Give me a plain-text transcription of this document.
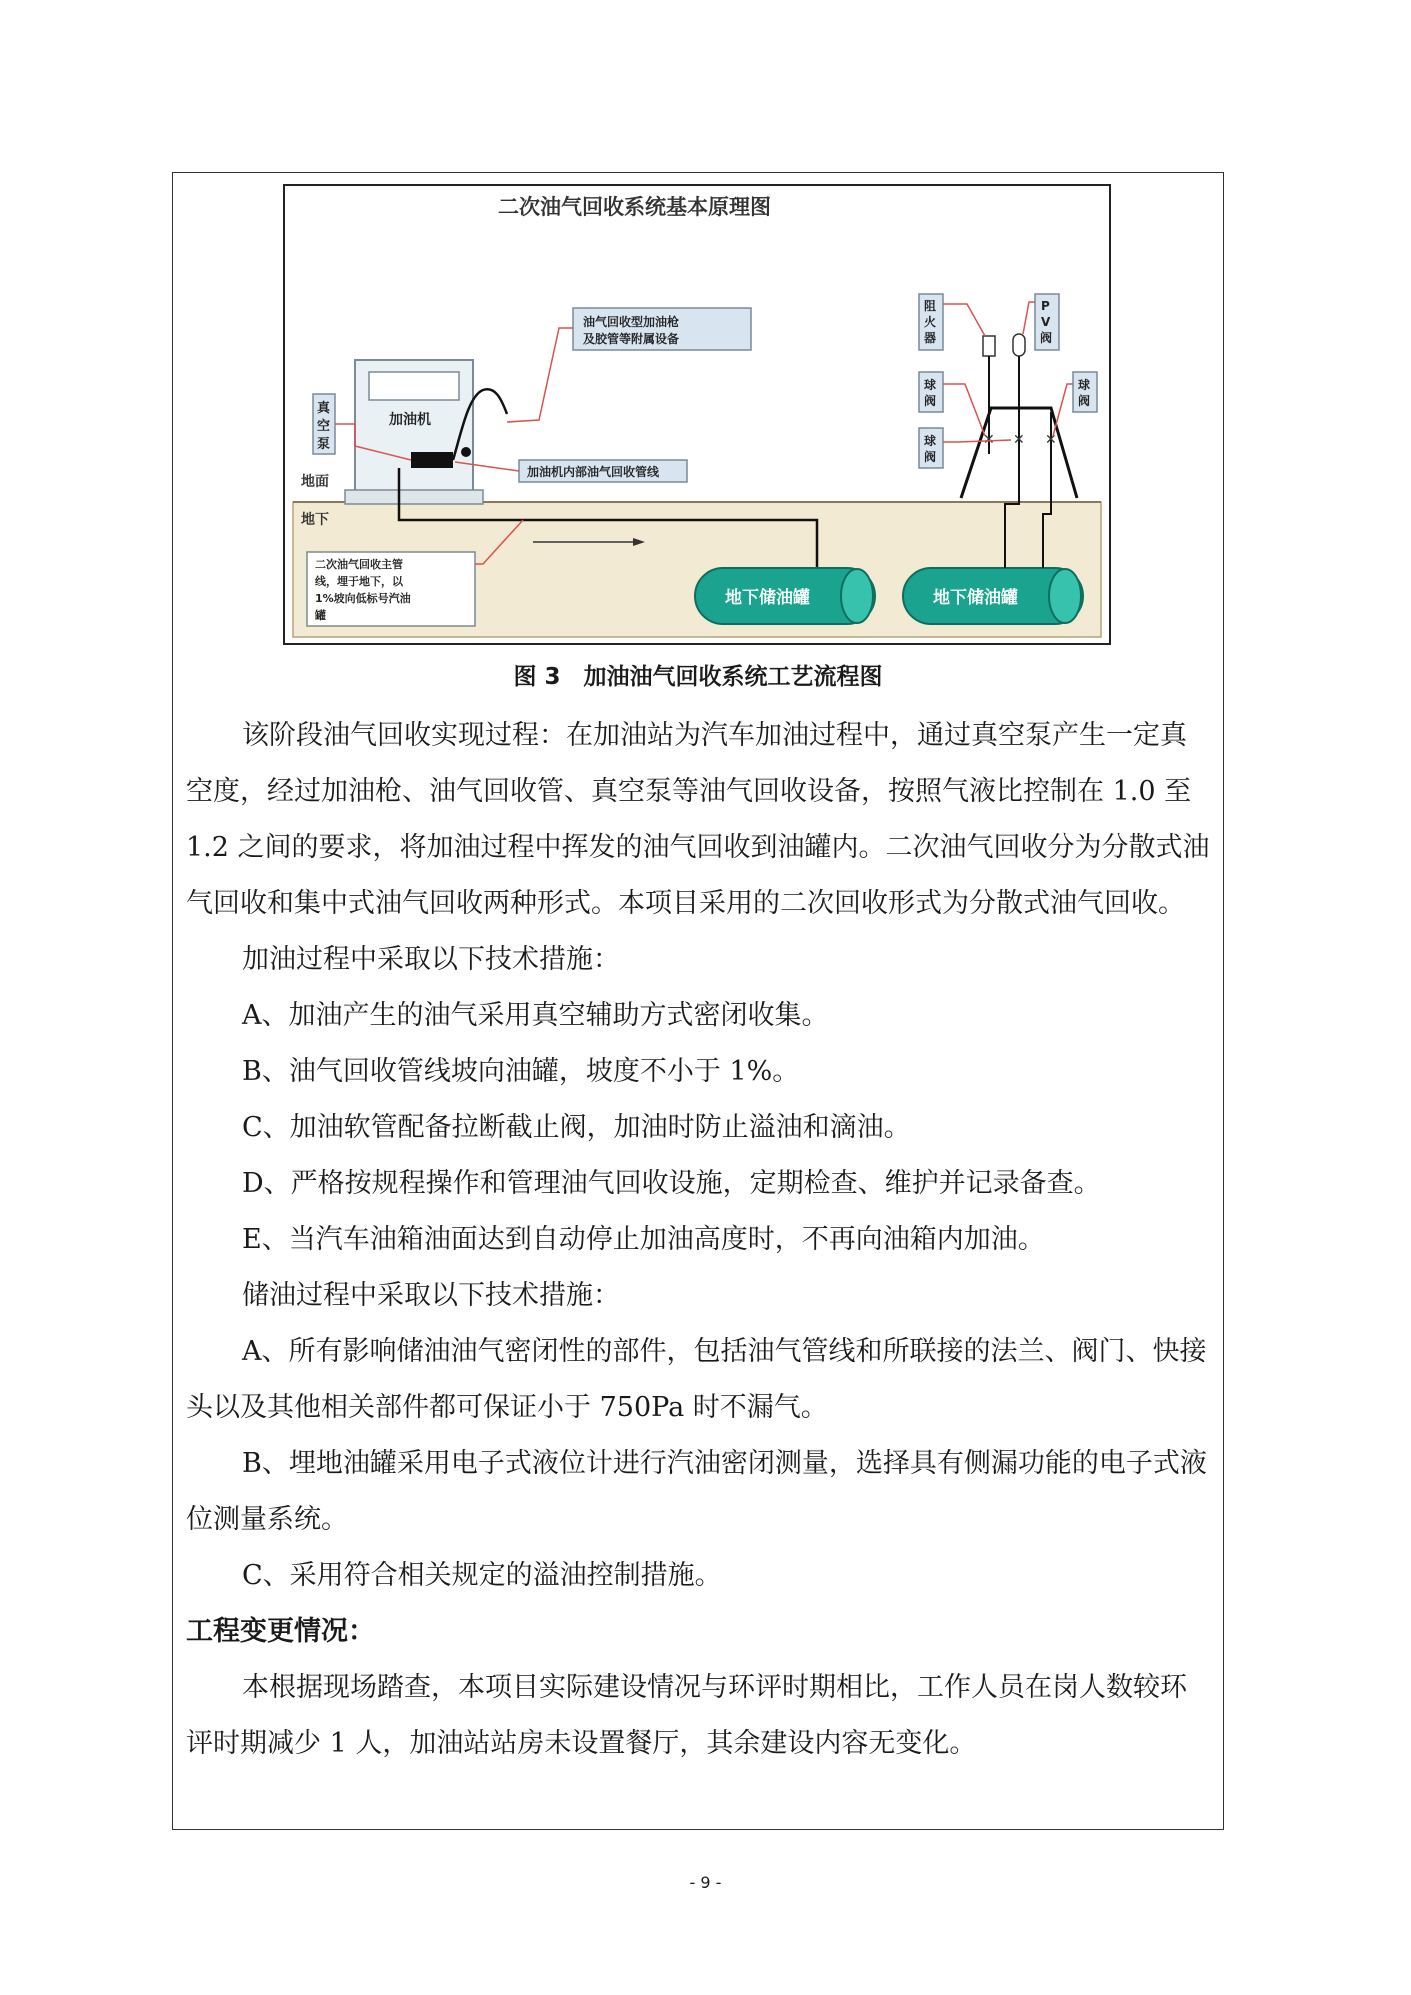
二次油气回收系统基本原理图
地面
地下
加油机
真
空
泵
油气回收型加油枪
及胶管等附属设备
加油机内部油气回收管线
二次油气回收主管
线，埋于地下，以
1%坡向低标号汽油
罐
地下储油罐	地下储油罐
✕ ✕ ✕
阻
火
器
P
V
阀
球
阀
球
阀
球
阀
图 3　加油油气回收系统工艺流程图

该阶段油气回收实现过程：在加油站为汽车加油过程中，通过真空泵产生一定真空度，经过加油枪、油气回收管、真空泵等油气回收设备，按照气液比控制在 1.0 至 1.2 之间的要求，将加油过程中挥发的油气回收到油罐内。二次油气回收分为分散式油气回收和集中式油气回收两种形式。本项目采用的二次回收形式为分散式油气回收。

加油过程中采取以下技术措施：

A、加油产生的油气采用真空辅助方式密闭收集。

B、油气回收管线坡向油罐，坡度不小于 1%。

C、加油软管配备拉断截止阀，加油时防止溢油和滴油。

D、严格按规程操作和管理油气回收设施，定期检查、维护并记录备查。

E、当汽车油箱油面达到自动停止加油高度时，不再向油箱内加油。

储油过程中采取以下技术措施：

A、所有影响储油油气密闭性的部件，包括油气管线和所联接的法兰、阀门、快接头以及其他相关部件都可保证小于 750Pa 时不漏气。

B、埋地油罐采用电子式液位计进行汽油密闭测量，选择具有侧漏功能的电子式液位测量系统。

C、采用符合相关规定的溢油控制措施。

工程变更情况：

本根据现场踏查，本项目实际建设情况与环评时期相比，工作人员在岗人数较环评时期减少 1 人，加油站站房未设置餐厅，其余建设内容无变化。

- 9 -
